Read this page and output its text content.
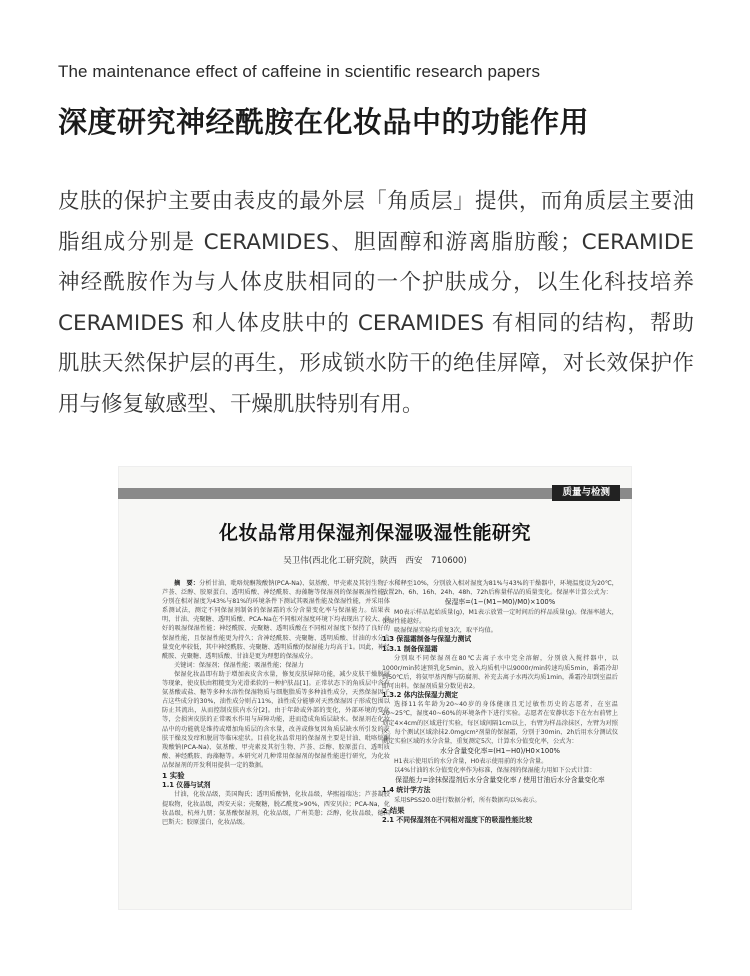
The maintenance effect of caffeine in scientific research papers
深度研究神经酰胺在化妆品中的功能作用

皮肤的保护主要由表皮的最外层「角质层」提供，而角质层主要油脂组成分别是 CERAMIDES、胆固醇和游离脂肪酸；CERAMIDE 神经酰胺作为与人体皮肤相同的一个护肤成分，以生化科技培养 CERAMIDES 和人体皮肤中的 CERAMIDES 有相同的结构，帮助肌肤天然保护层的再生，形成锁水防干的绝佳屏障，对长效保护作用与修复敏感型、干燥肌肤特别有用。

质量与检测
化妆品常用保湿剂保湿吸湿性能研究
吴卫伟(西北化工研究院，陕西　西安　710600)

摘　要：分析甘油、吡咯烷酮羧酸钠(PCA-Na)、氨基酸、甲壳素及其衍生物、芦荟、泛醇、胶原蛋白、透明质酸、神经酰胺、海藻糖等保湿剂的保湿吸湿性能，分别在相对湿度为43%与81%的环境条件下测试其吸湿性能及保湿性能，并采用体系测试法，测定不同保湿剂制备的保湿霜的水分含量变化率与保湿能力。结果表明，甘油、壳聚糖、透明质酸、PCA-Na在不同相对湿度环境下均表现出了较大、良好的吸湿保湿性能；神经酰胺、壳聚糖、透明质酸在不同相对湿度下保持了良好的保湿性能，且保湿性能更为持久；含神经酰胺、壳聚糖、透明质酸、甘油的水分含量变化率较低，其中神经酰胺、壳聚糖、透明质酸的保湿能力均高于1。因此，神经酰胺、壳聚糖、透明质酸、甘油是更为理想的保湿成分。

关键词：保湿剂；保湿性能；吸湿性能；保湿力

保湿化妆品即有助于增加表皮含水量，修复皮肤屏障功能，减少皮肤干燥脱屑等现象，使皮肤由粗糙变为光滑柔软的一种护肤品[1]。正常状态下的角质层中含有氨基酸或盐、糖等多种水溶性保湿物质与细胞脂质等多种油性成分，天然保湿因子占这些成分的30%，油性成分则占11%，油性成分能够对天然保湿因子形成包围以防止其流出，从而控制皮肤内水分[2]。由于年龄或外部的变化，外部环境的变化等，会损害皮肤的正常吸水作用与屏障功能，进而造成角质层缺水。保湿剂在化妆品中的功能就是维持或增加角质层的含水量，改善或修复因角质层缺水所引发的皮肤干燥及发痒和脱屑等临床症状。目前化妆品常用的保湿剂主要是甘油、吡咯烷酮羧酸钠(PCA-Na)、氨基酸、甲壳素及其衍生物、芦荟、泛醇、胶原蛋白、透明质酸、神经酰胺、海藻糖等。本研究对几种常用保湿剂的保湿性能进行研究，为化妆品保湿剂的开发利用提供一定的数据。

1 实验

1.1 仪器与试剂

甘油，化妆品级，美国陶氏；透明质酸钠，化妆品级，华熙福瑞达；芦荟凝胶提取物，化妆品级，西安天泉；壳聚糖，脱乙酰度>90%，西安贝拉；PCA-Na，化妆品级，杭州九朋；氨基酸保湿剂，化妆品级，广州美憩；泛醇，化妆品级，德国巴斯夫；胶原蛋白，化妆品级。

子水稀释至10%，分别放入相对湿度为81%与43%的干燥器中，环境温度设为20℃，放置2h、6h、16h、24h、48h、72h后称量样品的质量变化。保湿率计算公式为：

保湿率=(1−(M1−M0)/M0)×100%

M0表示样品起始质量(g)，M1表示放置一定时间后的样品质量(g)。保湿率越大，保湿性能越好。

吸湿保湿实验均重复3次，取平均值。

1.3 保湿霜制备与保湿力测试

1.3.1 制备保湿霜

分别取不同保湿剂在80℃去离子水中完全溶解，分别放入搅拌器中，以1000r/min转速预乳化5min，放入均质机中以9000r/min转速均质5min，番霜冷却到50℃后，将氨甲基丙醇与防腐剂、补充去离子水再次均质1min，番霜冷却到室温后即可出料。保湿剂质量分数见表2。

1.3.2 体内法保湿力测定

选择11名年龄为20~40岁的身体健康且无过敏性历史的志愿者，在室温20~25℃，湿度40~60%的环境条件下进行实验。志愿者在安静状态下在左右前臂上划定4×4cm的区域进行实验，每区域间隔1cm以上，右臂为样品涂抹区，左臂为对照区。每个测试区域涂抹2.0mg/cm²剂量的保湿霜，分别于30min、2h后用水分测试仪测定实验区域的水分含量，重复测定5次，计算水分值变化率，公式为：

水分含量变化率=(H1−H0)/H0×100%

H1表示使用后的水分含量，H0表示使用前的水分含量。

以4%甘油的水分值变化率作为标准，保湿剂的保湿能力用如下公式计算：

保湿能力=涂抹保湿剂后水分含量变化率 / 使用甘油后水分含量变化率

1.4 统计学方法

采用SPSS20.0进行数据分析，所有数据均以%表示。

2 结果

2.1 不同保湿剂在不同相对湿度下的吸湿性能比较
